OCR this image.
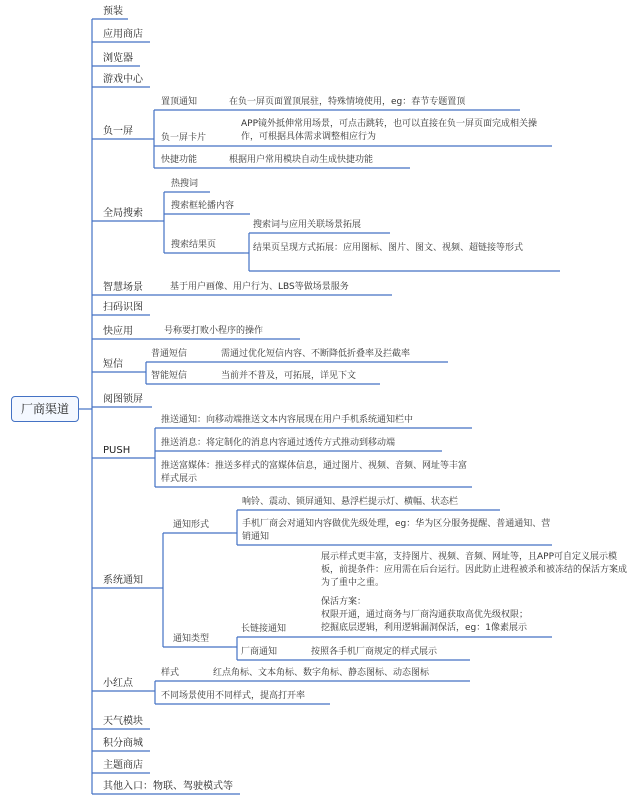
厂商渠道
预装
应用商店
浏览器
游戏中心
负一屏
全局搜索
智慧场景
扫码识图
快应用
短信
阅图锁屏
PUSH
系统通知
小红点
天气模块
积分商城
主题商店
其他入口：物联、驾驶模式等
置顶通知	在负一屏页面置顶展驻，特殊情境使用，eg：春节专题置顶
负一屏卡片
APP镜外抵伸常用场景，可点击跳转，也可以直接在负一屏页面完成相关操作，可根据具体需求调整相应行为
快捷功能	根据用户常用模块自动生成快捷功能
热搜词
搜索框轮播内容
搜索结果页
搜索词与应用关联场景拓展
结果页呈现方式拓展：应用图标、图片、图文、视频、超链接等形式
基于用户画像、用户行为、LBS等做场景服务
号称要打败小程序的操作
普通短信	需通过优化短信内容、不断降低折叠率及拦截率
智能短信	当前并不普及，可拓展，详见下文
推送通知：向移动端推送文本内容展现在用户手机系统通知栏中
推送消息：将定制化的消息内容通过透传方式推动到移动端
推送富媒体：推送多样式的富媒体信息，通过图片、视频、音频、网址等丰富样式展示
通知形式
响铃、震动、锁屏通知、悬浮栏提示灯、横幅、状态栏
手机厂商会对通知内容做优先级处理，eg：华为区分服务提醒、普通通知、营销通知
通知类型
长链接通知
展示样式更丰富，支持图片、视频、音频、网址等，且APP可自定义展示模板，前提条件：应用需在后台运行。因此防止进程被杀和被冻结的保活方案成为了重中之重。
保活方案：
权限开通，通过商务与厂商沟通获取高优先级权限；
挖掘底层逻辑，利用逻辑漏洞保活，eg：1像素展示
厂商通知	按照各手机厂商规定的样式展示
样式	红点角标、文本角标、数字角标、静态图标、动态图标
不同场景使用不同样式，提高打开率
